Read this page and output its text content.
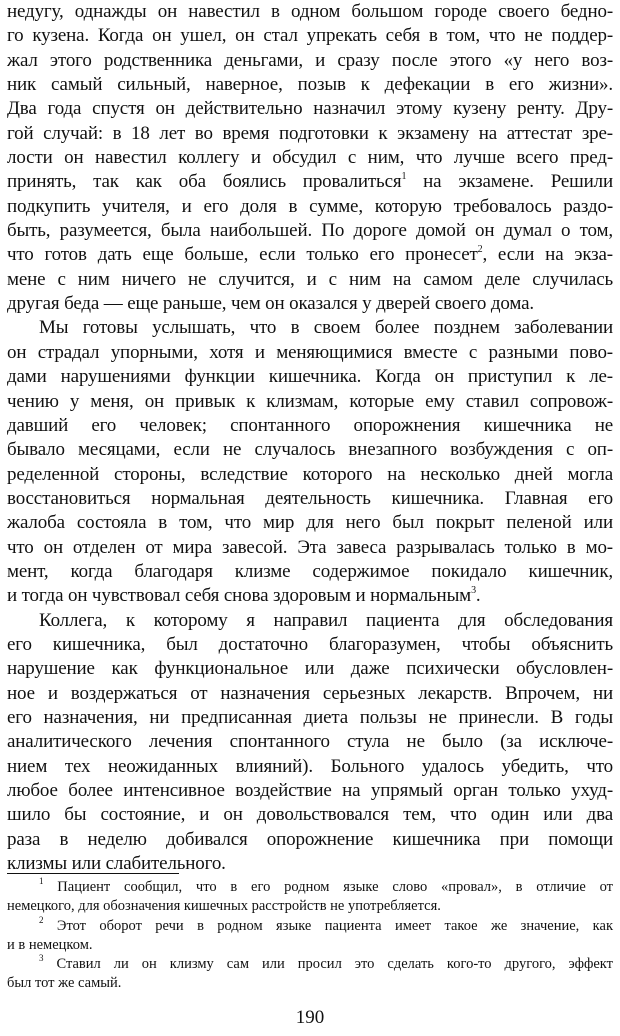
недугу, однажды он навестил в одном большом городе своего бедно-
го кузена. Когда он ушел, он стал упрекать себя в том, что не поддер-
жал этого родственника деньгами, и сразу после этого «у него воз-
ник самый сильный, наверное, позыв к дефекации в его жизни».
Два года спустя он действительно назначил этому кузену ренту. Дру-
гой случай: в 18 лет во время подготовки к экзамену на аттестат зре-
лости он навестил коллегу и обсудил с ним, что лучше всего пред-
принять, так как оба боялись провалиться$^1$ на экзамене. Решили
подкупить учителя, и его доля в сумме, которую требовалось раздо-
быть, разумеется, была наибольшей. По дороге домой он думал о том,
что готов дать еще больше, если только его пронесет$^2$, если на экза-
мене с ним ничего не случится, и с ним на самом деле случилась
другая беда — еще раньше, чем он оказался у дверей своего дома.
Мы готовы услышать, что в своем более позднем заболевании
он страдал упорными, хотя и меняющимися вместе с разными пово-
дами нарушениями функции кишечника. Когда он приступил к ле-
чению у меня, он привык к клизмам, которые ему ставил сопровож-
давший его человек; спонтанного опорожнения кишечника не
бывало месяцами, если не случалось внезапного возбуждения с оп-
ределенной стороны, вследствие которого на несколько дней могла
восстановиться нормальная деятельность кишечника. Главная его
жалоба состояла в том, что мир для него был покрыт пеленой или
что он отделен от мира завесой. Эта завеса разрывалась только в мо-
мент, когда благодаря клизме содержимое покидало кишечник,
и тогда он чувствовал себя снова здоровым и нормальным$^3$.
Коллега, к которому я направил пациента для обследования
его кишечника, был достаточно благоразумен, чтобы объяснить
нарушение как функциональное или даже психически обусловлен-
ное и воздержаться от назначения серьезных лекарств. Впрочем, ни
его назначения, ни предписанная диета пользы не принесли. В годы
аналитического лечения спонтанного стула не было (за исключе-
нием тех неожиданных влияний). Больного удалось убедить, что
любое более интенсивное воздействие на упрямый орган только ухуд-
шило бы состояние, и он довольствовался тем, что один или два
раза в неделю добивался опорожнение кишечника при помощи
клизмы или слабительного.
$^1$ Пациент сообщил, что в его родном языке слово «провал», в отличие от
немецкого, для обозначения кишечных расстройств не употребляется.
$^2$ Этот оборот речи в родном языке пациента имеет такое же значение, как
и в немецком.
$^3$ Ставил ли он клизму сам или просил это сделать кого-то другого, эффект
был тот же самый.
190
